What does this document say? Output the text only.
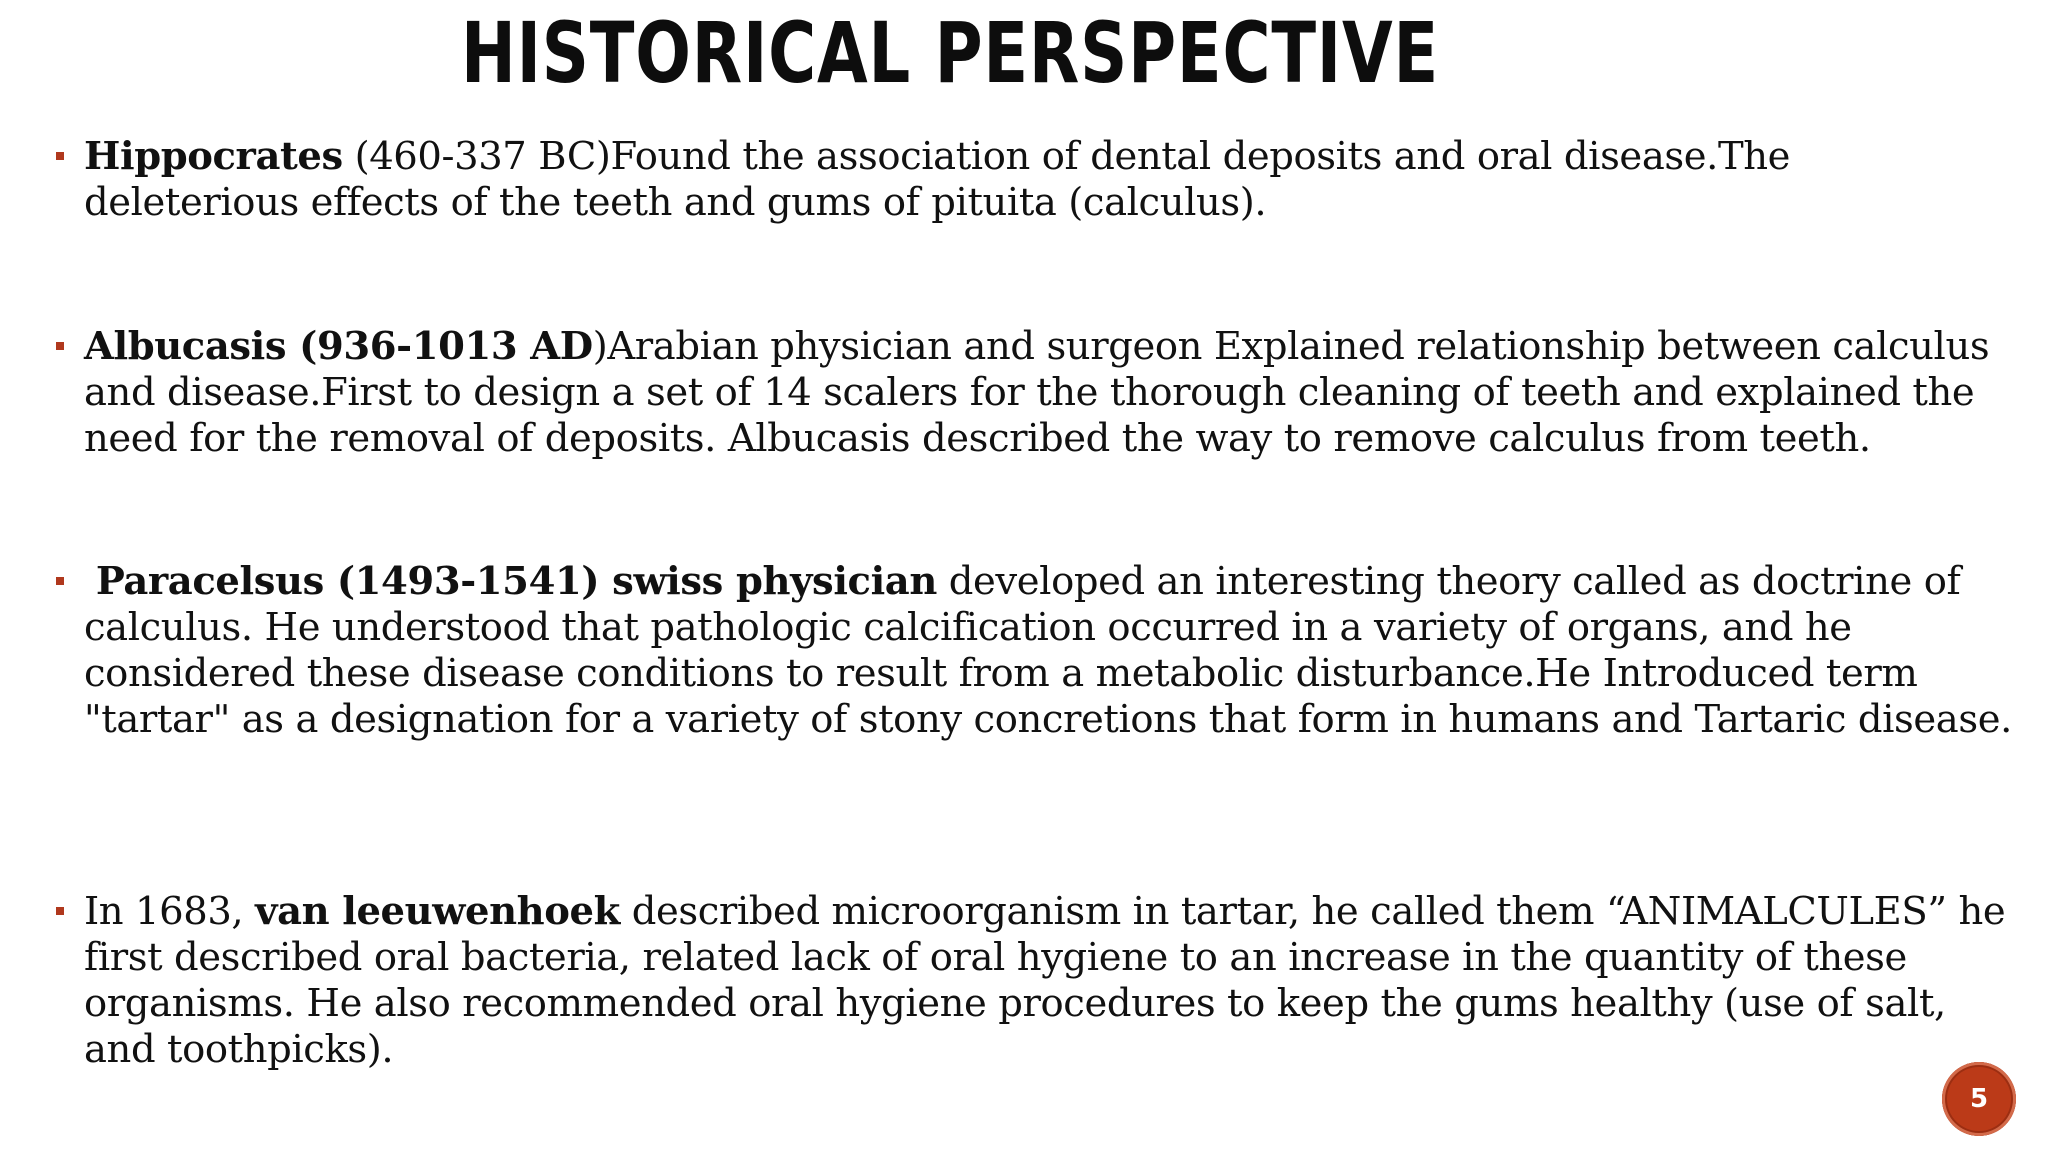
HISTORICAL PERSPECTIVE
Hippocrates (460-337 BC)Found the association of dental deposits and oral disease.The deleterious effects of the teeth and gums of pituita (calculus).
Albucasis (936-1013 AD)Arabian physician and surgeon Explained relationship between calculus and disease.First to design a set of 14 scalers for the thorough cleaning of teeth and explained the need for the removal of deposits. Albucasis described the way to remove calculus from teeth.
Paracelsus (1493-1541) swiss physician developed an interesting theory called as doctrine of calculus. He understood that pathologic calcification occurred in a variety of organs, and he considered these disease conditions to result from a metabolic disturbance.He Introduced term "tartar" as a designation for a variety of stony concretions that form in humans and Tartaric disease.
In 1683, van leeuwenhoek described microorganism in tartar, he called them “ANIMALCULES” he first described oral bacteria, related lack of oral hygiene to an increase in the quantity of these organisms. He also recommended oral hygiene procedures to keep the gums healthy (use of salt, and toothpicks).
5
